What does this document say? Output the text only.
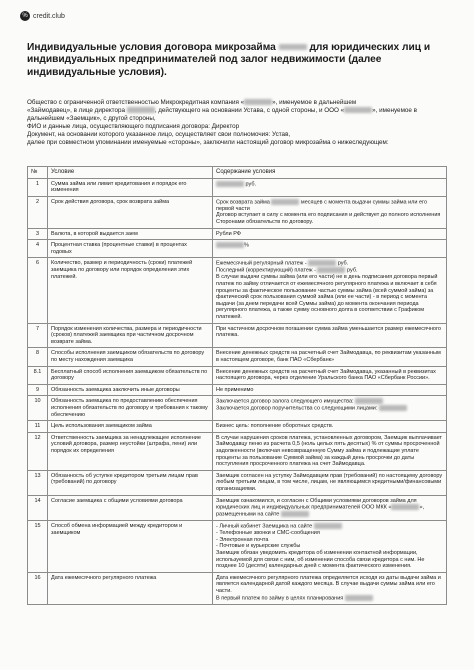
% credit.club
Индивидуальные условия договора микрозайма	для юридических лиц и индивидуальных предпринимателей под залог недвижимости (далее индивидуальные условия).
Общество с ограниченной ответственностью Микрокредитная компания «	», именуемое в дальнейшем
«Займодавец», в лице директора	, действующего на основании Устава, с одной стороны, и ООО «	», именуемое в дальнейшем «Заемщик», с другой стороны,
ФИО и данные лица, осуществляющего подписания договора: Директор
Документ, на основании которого указанное лицо, осуществляет свои полномочия: Устав,
далее при совместном упоминании именуемые «стороны», заключили настоящий договор микрозайма о нижеследующем:
№	Условие	Содержание условия
1	Сумма займа или лимит кредитования и порядок его изменения	руб.
2	Срок действия договора, срок возврата займа	Срок возврата займа месяцев с момента выдачи суммы займа или его первой части
Договор вступает в силу с момента его подписания и действует до полного исполнения Сторонами обязательств по договору.
3	Валюта, в которой выдается заем	Рубли РФ
4	Процентная ставка (процентные ставки) в процентах годовых	%
6	Количество, размер и периодичность (сроки) платежей заемщика по договору или порядок определения этих платежей.	Ежемесячный регулярный платеж - руб.
Последний (корректирующий) платеж - руб.
В случае выдачи суммы займа (или его части) не в день подписания договора первый платеж по займу отличается от ежемесячного регулярного платежа и включает в себя проценты за фактическое пользование частью суммы займа (всей суммой займа) за фактический срок пользования суммой займа (или ее части) - в период с момента выдачи (за днем передачи всей Суммы займа) до момента окончания периода регулярного платежа, а также сумму основного долга в соответствии с Графиком платежей.
7	Порядок изменения количества, размера и периодичности (сроков) платежей заемщика при частичном досрочном возврате займа.	При частичном досрочном погашении сумма займа уменьшается размер ежемесячного платежа.
8	Способы исполнения заемщиком обязательств по договору по месту нахождения заемщика	Внесение денежных средств на расчетный счет Займодавца, по реквизитам указанным в настоящем договоре, банк ПАО «Сбербанк»
8.1	Бесплатный способ исполнения заемщиком обязательств по договору	Внесение денежных средств на расчетный счет Займодавца, указанный в реквизитах настоящего договора, через отделение Уральского банка ПАО «Сбербанк России».
9	Обязанность заемщика заключить иные договоры	Не применимо
10	Обязанность заемщика по предоставлению обеспечения исполнения обязательств по договору и требования к такому обеспечению	Заключается договор залога следующего имущества:
Заключается договор поручительства со следующими лицами:
11	Цель использования заемщиком займа	Бизнес цель: пополнение оборотных средств.
12	Ответственность заемщика за ненадлежащее исполнение условий договора, размер неустойки (штрафа, пени) или порядок их определения	В случае нарушения сроков платежа, установленных договором, Заемщик выплачивает Займодавцу пеню из расчета 0,5 (ноль целых пять десятых) % от суммы просроченной задолженности (включая невозвращенную Сумму займа и подлежащие уплате проценты за пользование Суммой займа) за каждый день просрочки до даты поступления просроченного платежа на счет Займодавца.
13	Обязанность об уступке кредитором третьим лицам прав (требований) по договору	Заемщик согласен на уступку Займодавцем прав (требований) по настоящему договору любым третьим лицам, в том числе, лицам, не являющимся кредитными/финансовыми организациями.
14	Согласие заемщика с общими условиями договора	Заемщик ознакомился, и согласен с Общими условиями договоров займа для юридических лиц и индивидуальных предпринимателей ООО МКК « », размещенными на сайте
15	Способ обмена информацией между кредитором и заемщиком	- Личный кабинет Заемщика на сайте
- Телефонные звонки и СМС-сообщения
- Электронная почта
- Почтовые и курьерские службы
Заемщик обязан уведомить кредитора об изменении контактной информации, используемой для связи с ним, об изменении способа связи кредитора с ним. Не позднее 10 (десяти) календарных дней с момента фактического изменения.
16	Дата ежемесячного регулярного платежа	Дата ежемесячного регулярного платежа определяется исходя из даты выдачи займа и является календарной датой каждого месяца. В случае выдачи суммы займа или его части.
В первый платеж по займу в целях планирования
